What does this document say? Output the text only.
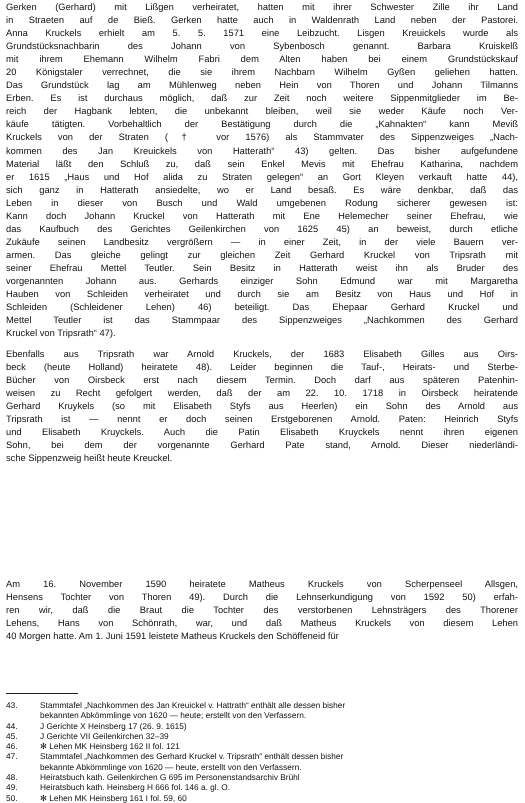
Gerken (Gerhard) mit Lißgen verheiratet, hatten mit ihrer Schwester Zille ihr Land
in Straeten auf de Bieß. Gerken hatte auch in Waldenrath Land neben der Pastorei.
Anna Kruckels erhielt am 5. 5. 1571 eine Leibzucht. Lisgen Kreuickels wurde als
Grundstücksnachbarin des Johann von Sybenbosch genannt. Barbara Kruiskelß
mit ihrem Ehemann Wilhelm Fabri dem Alten haben bei einem Grundstückskauf
20 Königstaler verrechnet, die sie ihrem Nachbarn Wilhelm Gyßen geliehen hatten.
Das Grundstück lag am Mühlenweg neben Hein von Thoren und Johann Tilmanns
Erben. Es ist durchaus möglich, daß zur Zeit noch weitere Sippenmitglieder im Be-
reich der Hagbank lebten, die unbekannt bleiben, weil sie weder Käufe noch Ver-
käufe tätigten. Vorbehaltlich der Bestätigung durch die „Kahnakten“ kann Meviß
Kruckels von der Straten († vor 1576) als Stammvater des Sippenzweiges „Nach-
kommen des Jan Kreuickels von Hatterath“ 43) gelten. Das bisher aufgefundene
Material läßt den Schluß zu, daß sein Enkel Mevis mit Ehefrau Katharina, nachdem
er 1615 „Haus und Hof alida zu Straten gelegen“ an Gort Kleyen verkauft hatte 44),
sich ganz in Hatterath ansiedelte, wo er Land besaß. Es wäre denkbar, daß das
Leben in dieser von Busch und Wald umgebenen Rodung sicherer gewesen ist:
Kann doch Johann Kruckel von Hatterath mit Ene Helemecher seiner Ehefrau, wie
das Kaufbuch des Gerichtes Geilenkirchen von 1625 45) an beweist, durch etliche
Zukäufe seinen Landbesitz vergrößern — in einer Zeit, in der viele Bauern ver-
armen. Das gleiche gelingt zur gleichen Zeit Gerhard Kruckel von Tripsrath mit
seiner Ehefrau Mettel Teutler. Sein Besitz in Hatterath weist ihn als Bruder des
vorgenannten Johann aus. Gerhards einziger Sohn Edmund war mit Margaretha
Hauben von Schleiden verheiratet und durch sie am Besitz von Haus und Hof in
Schleiden (Schleidener Lehen) 46) beteiligt. Das Ehepaar Gerhard Kruckel und
Mettel Teutler ist das Stammpaar des Sippenzweiges „Nachkommen des Gerhard
Kruckel von Tripsrath“ 47).
Ebenfalls aus Tripsrath war Arnold Kruckels, der 1683 Elisabeth Gilles aus Oirs-
beck (heute Holland) heiratete 48). Leider beginnen die Tauf-, Heirats- und Sterbe-
Bücher von Oirsbeck erst nach diesem Termin. Doch darf aus späteren Patenhin-
weisen zu Recht gefolgert werden, daß der am 22. 10. 1718 in Oirsbeck heiratende
Gerhard Kruykels (so mit Elisabeth Styfs aus Heerlen) ein Sohn des Arnold aus
Tripsrath ist — nennt er doch seinen Erstgeborenen Arnold. Paten: Heinrich Styfs
und Elisabeth Kruyckels. Auch die Patin Elisabeth Kruyckels nennt ihren eigenen
Sohn, bei dem der vorgenannte Gerhard Pate stand, Arnold. Dieser niederländi-
sche Sippenzweig heißt heute Kreuckel.
Am 16. November 1590 heiratete Matheus Kruckels von Scherpenseel Allsgen,
Hensens Tochter von Thoren 49). Durch die Lehnserkundigung von 1592 50) erfah-
ren wir, daß die Braut die Tochter des verstorbenen Lehnsträgers des Thorener
Lehens, Hans von Schönrath, war, und daß Matheus Kruckels von diesem Lehen
40 Morgen hatte. Am 1. Juni 1591 leistete Matheus Kruckels den Schöffeneid für
43.	Stammtafel „Nachkommen des Jan Kreuickel v. Hattrath“ enthält alle dessen bisher
bekannten Abkömmlinge von 1620 — heute; erstellt von den Verfassern.
44.	J Gerichte X Heinsberg 17 (26. 9. 1615)
45.	J Gerichte VII Geilenkirchen 32–39
46.	✻ Lehen MK Heinsberg 162 II fol. 121
47.	Stammtafel „Nachkommen des Gerhard Kruckel v. Tripsrath“ enthält dessen bisher
bekannte Abkömmlinge von 1620 — heute, erstellt von den Verfassern.
48.	Heiratsbuch kath. Geilenkirchen G 695 im Personenstandsarchiv Brühl
49.	Heiratsbuch kath. Heinsberg H 666 fol. 146 a. gl. O.
50.	✻ Lehen MK Heinsberg 161 I fol. 59, 60
